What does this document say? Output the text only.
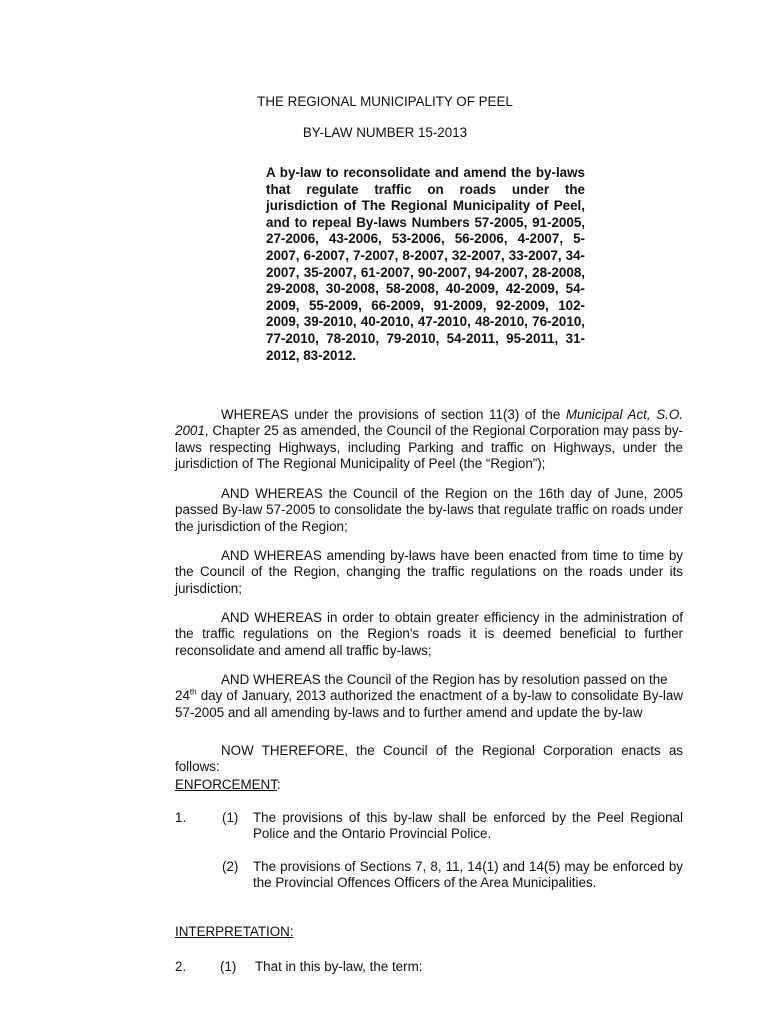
THE REGIONAL MUNICIPALITY OF PEEL
BY-LAW NUMBER 15-2013

A by-law to reconsolidate and amend the by-laws that regulate traffic on roads under the jurisdiction of The Regional Municipality of Peel, and to repeal By-laws Numbers 57-2005, 91-2005, 27-2006, 43-2006, 53-2006, 56-2006, 4-2007, 5-2007, 6-2007, 7-2007, 8-2007, 32-2007, 33-2007, 34-2007, 35-2007, 61-2007, 90-2007, 94-2007, 28-2008, 29-2008, 30-2008, 58-2008, 40-2009, 42-2009, 54-2009, 55-2009, 66-2009, 91-2009, 92-2009, 102-2009, 39-2010, 40-2010, 47-2010, 48-2010, 76-2010, 77-2010, 78-2010, 79-2010, 54-2011, 95-2011, 31-2012, 83-2012.

WHEREAS under the provisions of section 11(3) of the Municipal Act, S.O. 2001, Chapter 25 as amended, the Council of the Regional Corporation may pass by-laws respecting Highways, including Parking and traffic on Highways, under the jurisdiction of The Regional Municipality of Peel (the “Region”);

AND WHEREAS the Council of the Region on the 16th day of June, 2005 passed By-law 57-2005 to consolidate the by-laws that regulate traffic on roads under the jurisdiction of the Region;

AND WHEREAS amending by-laws have been enacted from time to time by the Council of the Region, changing the traffic regulations on the roads under its jurisdiction;

AND WHEREAS in order to obtain greater efficiency in the administration of the traffic regulations on the Region's roads it is deemed beneficial to further reconsolidate and amend all traffic by-laws;

AND WHEREAS the Council of the Region has by resolution passed on the
24th day of January, 2013 authorized the enactment of a by-law to consolidate By-law 57-2005 and all amending by-laws and to further amend and update the by-law

NOW THEREFORE, the Council of the Regional Corporation enacts as follows:

ENFORCEMENT:

1.	(1) The provisions of this by-law shall be enforced by the Peel Regional Police and the Ontario Provincial Police.

(2) The provisions of Sections 7, 8, 11, 14(1) and 14(5) may be enforced by the Provincial Offences Officers of the Area Municipalities.

INTERPRETATION:

2.	(1) That in this by-law, the term:
